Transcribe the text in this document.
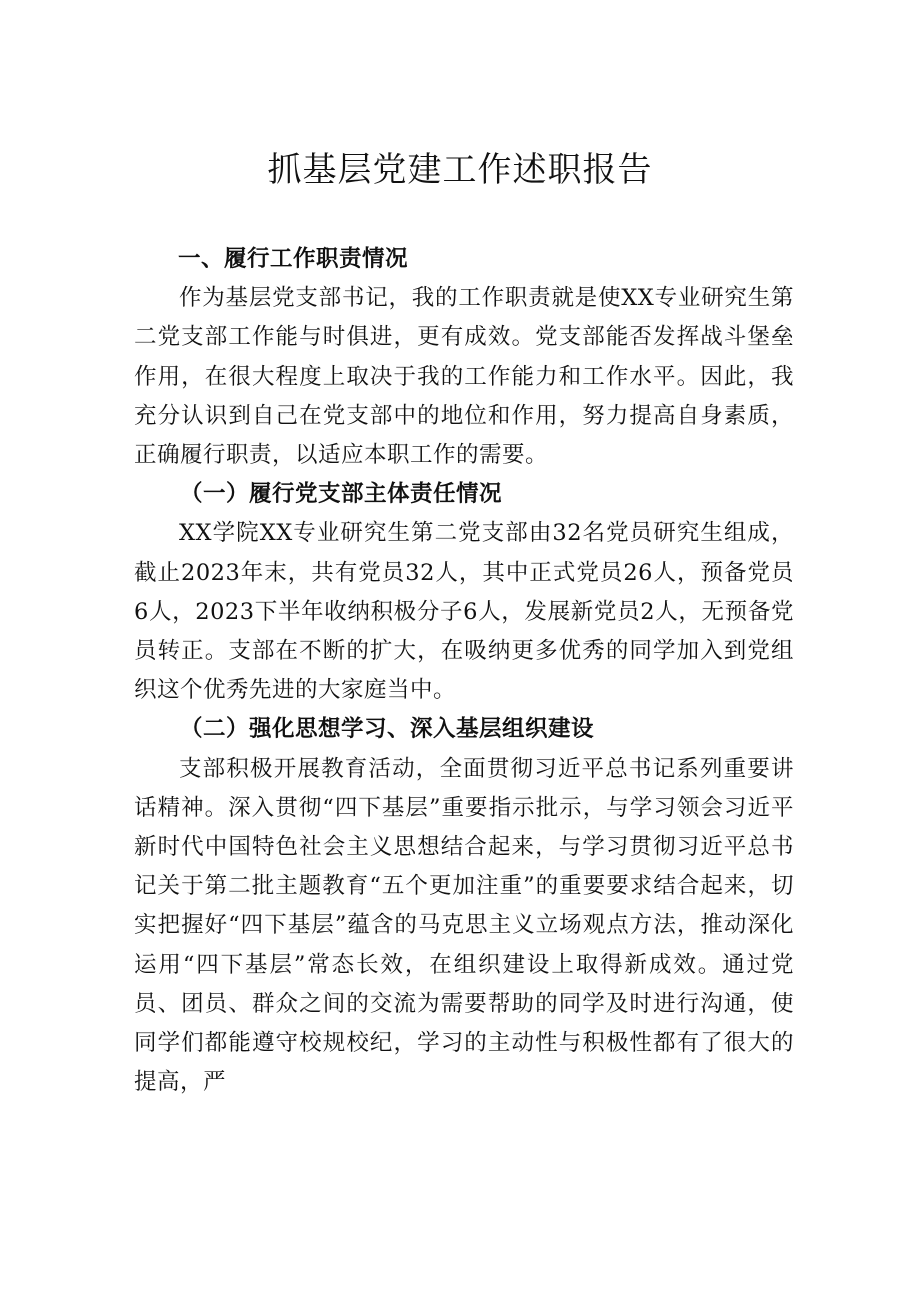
抓基层党建工作述职报告

一、履行工作职责情况

作为基层党支部书记，我的工作职责就是使XX专业研究生第二党支部工作能与时俱进，更有成效。党支部能否发挥战斗堡垒作用，在很大程度上取决于我的工作能力和工作水平。因此，我充分认识到自己在党支部中的地位和作用，努力提高自身素质，正确履行职责，以适应本职工作的需要。

（一）履行党支部主体责任情况

XX学院XX专业研究生第二党支部由32名党员研究生组成，截止2023年末，共有党员32人，其中正式党员26人，预备党员6人，2023下半年收纳积极分子6人，发展新党员2人，无预备党员转正。支部在不断的扩大，在吸纳更多优秀的同学加入到党组织这个优秀先进的大家庭当中。

（二）强化思想学习、深入基层组织建设

支部积极开展教育活动，全面贯彻习近平总书记系列重要讲话精神。深入贯彻“四下基层”重要指示批示，与学习领会习近平新时代中国特色社会主义思想结合起来，与学习贯彻习近平总书记关于第二批主题教育“五个更加注重”的重要要求结合起来，切实把握好“四下基层”蕴含的马克思主义立场观点方法，推动深化运用“四下基层”常态长效，在组织建设上取得新成效。通过党员、团员、群众之间的交流为需要帮助的同学及时进行沟通，使同学们都能遵守校规校纪，学习的主动性与积极性都有了很大的提高，严
